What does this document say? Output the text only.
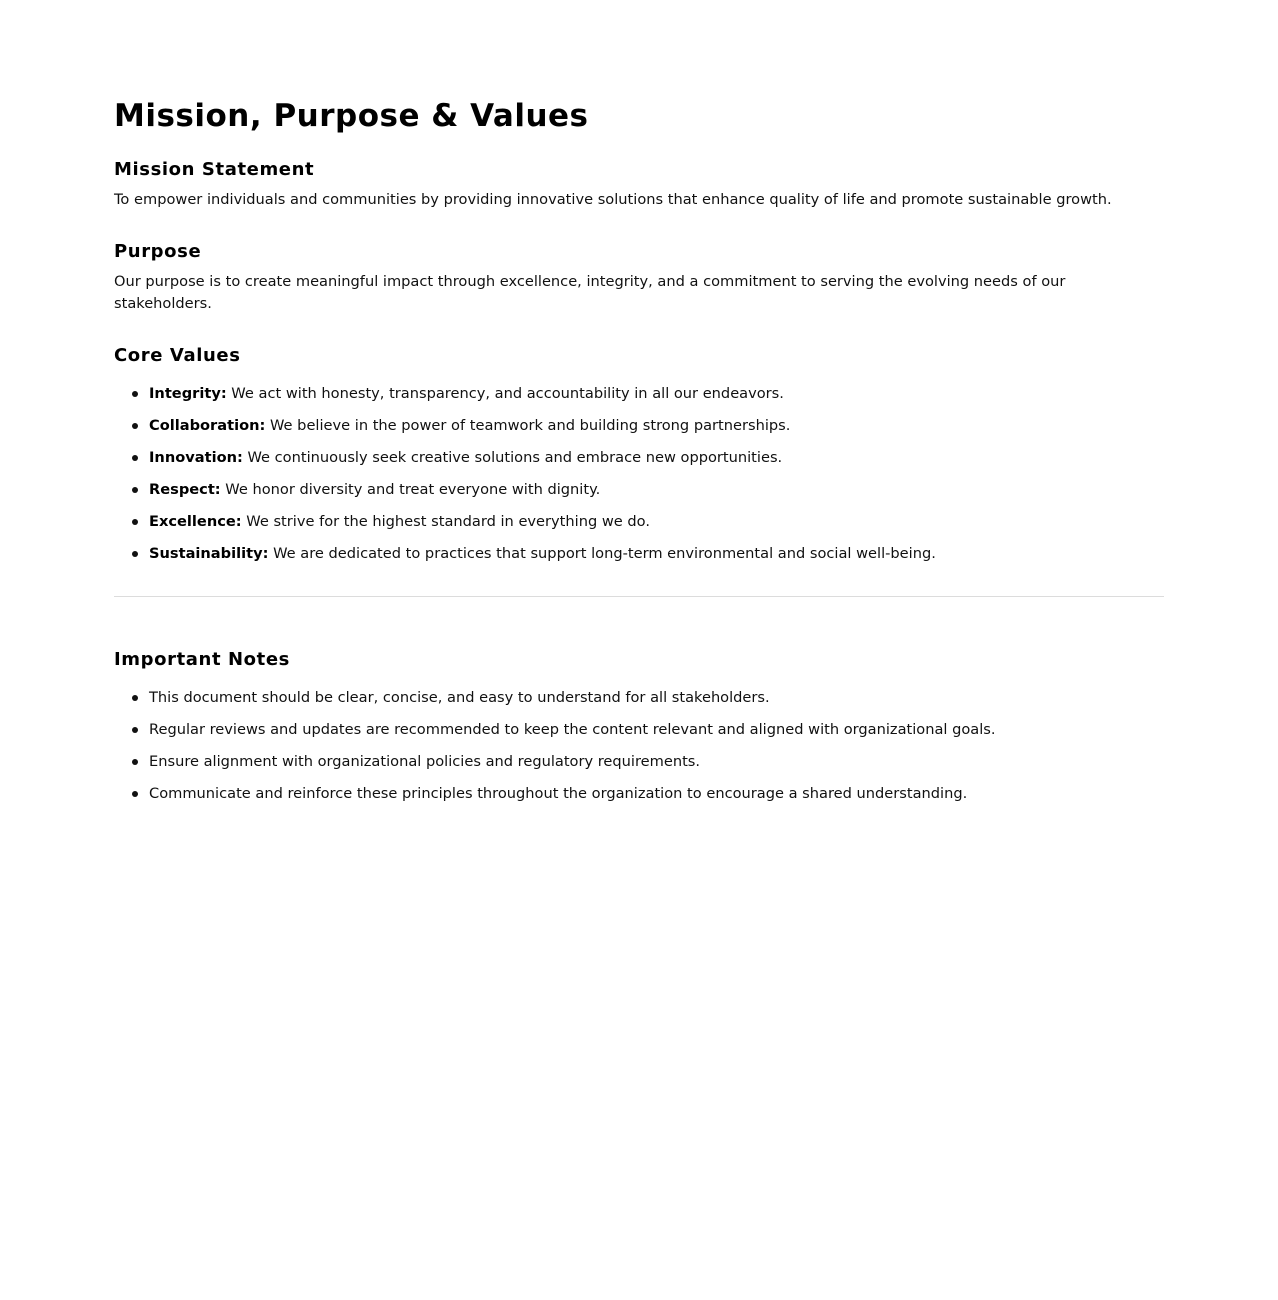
Mission, Purpose & Values
Mission Statement

To empower individuals and communities by providing innovative solutions that enhance quality of life and promote sustainable growth.

Purpose

Our purpose is to create meaningful impact through excellence, integrity, and a commitment to serving the evolving needs of our stakeholders.

Core Values
Integrity: We act with honesty, transparency, and accountability in all our endeavors.
Collaboration: We believe in the power of teamwork and building strong partnerships.
Innovation: We continuously seek creative solutions and embrace new opportunities.
Respect: We honor diversity and treat everyone with dignity.
Excellence: We strive for the highest standard in everything we do.
Sustainability: We are dedicated to practices that support long-term environmental and social well-being.
Important Notes
This document should be clear, concise, and easy to understand for all stakeholders.
Regular reviews and updates are recommended to keep the content relevant and aligned with organizational goals.
Ensure alignment with organizational policies and regulatory requirements.
Communicate and reinforce these principles throughout the organization to encourage a shared understanding.
